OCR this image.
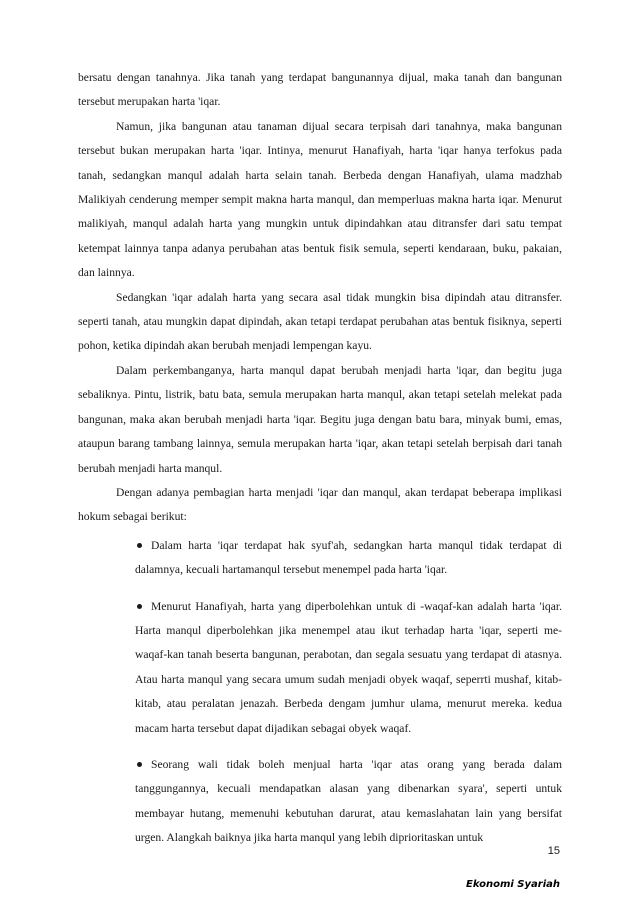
bersatu dengan tanahnya. Jika tanah yang terdapat bangunannya dijual, maka tanah dan bangunan tersebut merupakan harta 'iqar.

Namun, jika bangunan atau tanaman dijual secara terpisah dari tanahnya, maka bangunan tersebut bukan merupakan harta 'iqar. Intinya, menurut Hanafiyah, harta 'iqar hanya terfokus pada tanah, sedangkan manqul adalah harta selain tanah. Berbeda dengan Hanafiyah, ulama madzhab Malikiyah cenderung memper sempit makna harta manqul, dan memperluas makna harta iqar. Menurut malikiyah, manqul adalah harta yang mungkin untuk dipindahkan atau ditransfer dari satu tempat ketempat lainnya tanpa adanya perubahan atas bentuk fisik semula, seperti kendaraan, buku, pakaian, dan lainnya.

Sedangkan 'iqar adalah harta yang secara asal tidak mungkin bisa dipindah atau ditransfer. seperti tanah, atau mungkin dapat dipindah, akan tetapi terdapat perubahan atas bentuk fisiknya, seperti pohon, ketika dipindah akan berubah menjadi lempengan kayu.

Dalam perkembanganya, harta manqul dapat berubah menjadi harta 'iqar, dan begitu juga sebaliknya. Pintu, listrik, batu bata, semula merupakan harta manqul, akan tetapi setelah melekat pada bangunan, maka akan berubah menjadi harta 'iqar. Begitu juga dengan batu bara, minyak bumi, emas, ataupun barang tambang lainnya, semula merupakan harta 'iqar, akan tetapi setelah berpisah dari tanah berubah menjadi harta manqul.

Dengan adanya pembagian harta menjadi 'iqar dan manqul, akan terdapat beberapa implikasi hokum sebagai berikut:

Dalam harta 'iqar terdapat hak syuf'ah, sedangkan harta manqul tidak terdapat di dalamnya, kecuali hartamanqul tersebut menempel pada harta 'iqar.
Menurut Hanafiyah, harta yang diperbolehkan untuk di -waqaf-kan adalah harta 'iqar. Harta manqul diperbolehkan jika menempel atau ikut terhadap harta 'iqar, seperti me-waqaf-kan tanah beserta bangunan, perabotan, dan segala sesuatu yang terdapat di atasnya. Atau harta manqul yang secara umum sudah menjadi obyek waqaf, seperrti mushaf, kitab-kitab, atau peralatan jenazah. Berbeda dengam jumhur ulama, menurut mereka. kedua macam harta tersebut dapat dijadikan sebagai obyek waqaf.
Seorang wali tidak boleh menjual harta 'iqar atas orang yang berada dalam tanggungannya, kecuali mendapatkan alasan yang dibenarkan syara', seperti untuk membayar hutang, memenuhi kebutuhan darurat, atau kemaslahatan lain yang bersifat urgen. Alangkah baiknya jika harta manqul yang lebih diprioritaskan untuk
15
Ekonomi Syariah
